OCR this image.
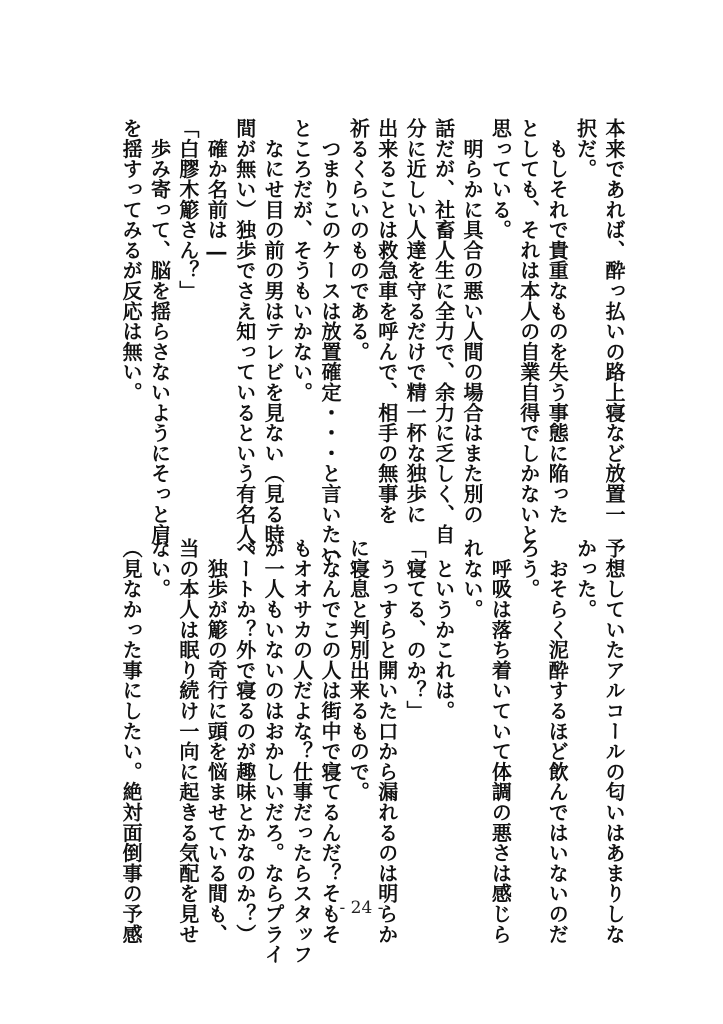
本来であれば、酔っ払いの路上寝など放置一
択だ。
　もしそれで貴重なものを失う事態に陥った
としても、それは本人の自業自得でしかないと
思っている。
　明らかに具合の悪い人間の場合はまた別の
話だが、社畜人生に全力で、余力に乏しく、自
分に近しい人達を守るだけで精一杯な独歩に
出来ることは救急車を呼んで、相手の無事を
祈るくらいのものである。
　つまりこのケースは放置確定・・・と言いたい
ところだが、そうもいかない。
　なにせ目の前の男はテレビを見ない（見る時
間が無い）独歩でさえ知っているという有名人。
　確か名前は―
「白膠木簓さん？」
　歩み寄って、脳を揺らさないようにそっと肩
を揺すってみるが反応は無い。
予想していたアルコールの匂いはあまりしな
かった。
　おそらく泥酔するほど飲んではいないのだ
ろう。
　呼吸は落ち着いていて体調の悪さは感じら
れない。
　というかこれは。
「寝てる、のか？」
　うっすらと開いた口から漏れるのは明らか
に寝息と判別出来るもので。
（なんでこの人は街中で寝てるんだ？そもそ
もオオサカの人だよな？仕事だったらスタッフ
が一人もいないのはおかしいだろ。ならプライ
ベートか？外で寝るのが趣味とかなのか？）
　独歩が簓の奇行に頭を悩ませている間も、
当の本人は眠り続け一向に起きる気配を見せ
ない。
（見なかった事にしたい。絶対面倒事の予感	- 24 -
